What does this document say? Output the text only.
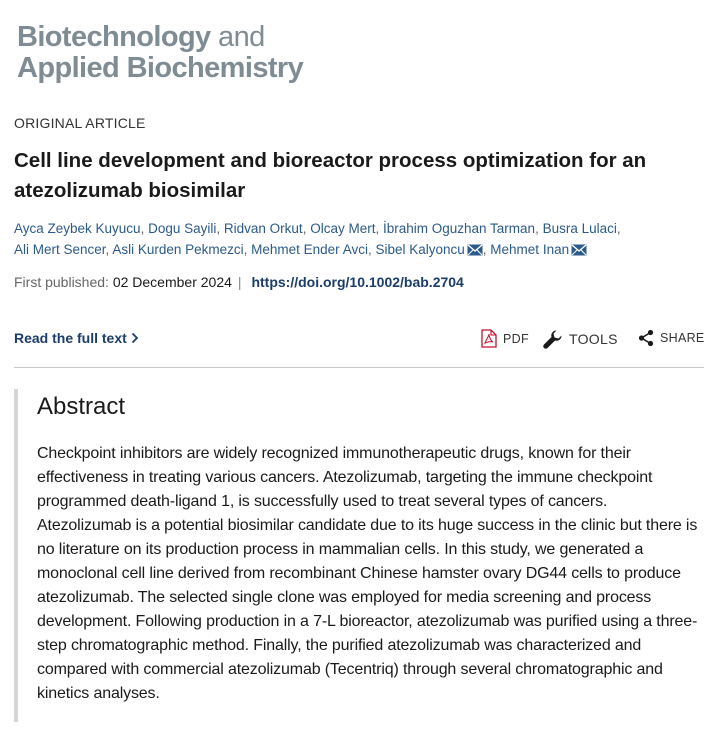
Biotechnology and
Applied Biochemistry
ORIGINAL ARTICLE
Cell line development and bioreactor process optimization for an atezolizumab biosimilar
Ayca Zeybek Kuyucu, Dogu Sayili, Ridvan Orkut, Olcay Mert, İbrahim Oguzhan Tarman, Busra Lulaci, Ali Mert Sencer, Asli Kurden Pekmezci, Mehmet Ender Avci, Sibel Kalyoncu , Mehmet Inan
First published: 02 December 2024 | https://doi.org/10.1002/bab.2704
Read the full text	PDF	TOOLS	SHARE
Abstract

Checkpoint inhibitors are widely recognized immunotherapeutic drugs, known for their effectiveness in treating various cancers. Atezolizumab, targeting the immune checkpoint programmed death-ligand 1, is successfully used to treat several types of cancers. Atezolizumab is a potential biosimilar candidate due to its huge success in the clinic but there is no literature on its production process in mammalian cells. In this study, we generated a monoclonal cell line derived from recombinant Chinese hamster ovary DG44 cells to produce atezolizumab. The selected single clone was employed for media screening and process development. Following production in a 7-L bioreactor, atezolizumab was purified using a three-step chromatographic method. Finally, the purified atezolizumab was characterized and compared with commercial atezolizumab (Tecentriq) through several chromatographic and kinetics analyses.
